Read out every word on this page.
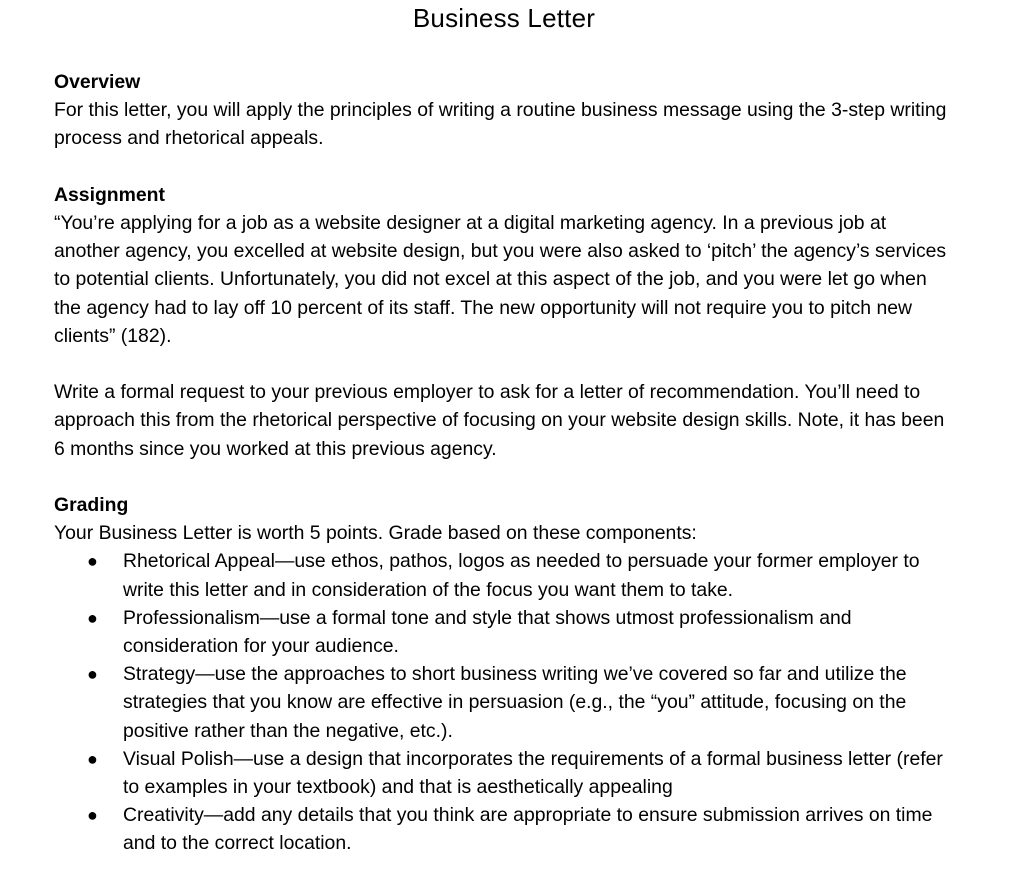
Business Letter
Overview

For this letter, you will apply the principles of writing a routine business message using the 3-step writing process and rhetorical appeals.

Assignment

“You’re applying for a job as a website designer at a digital marketing agency. In a previous job at another agency, you excelled at website design, but you were also asked to ‘pitch’ the agency’s services to potential clients. Unfortunately, you did not excel at this aspect of the job, and you were let go when the agency had to lay off 10 percent of its staff. The new opportunity will not require you to pitch new clients” (182).

Write a formal request to your previous employer to ask for a letter of recommendation. You’ll need to approach this from the rhetorical perspective of focusing on your website design skills. Note, it has been 6 months since you worked at this previous agency.

Grading

Your Business Letter is worth 5 points. Grade based on these components:

● Rhetorical Appeal—use ethos, pathos, logos as needed to persuade your former employer to write this letter and in consideration of the focus you want them to take.
● Professionalism—use a formal tone and style that shows utmost professionalism and consideration for your audience.
● Strategy—use the approaches to short business writing we’ve covered so far and utilize the strategies that you know are effective in persuasion (e.g., the “you” attitude, focusing on the positive rather than the negative, etc.).
● Visual Polish—use a design that incorporates the requirements of a formal business letter (refer to examples in your textbook) and that is aesthetically appealing
● Creativity—add any details that you think are appropriate to ensure submission arrives on time and to the correct location.
